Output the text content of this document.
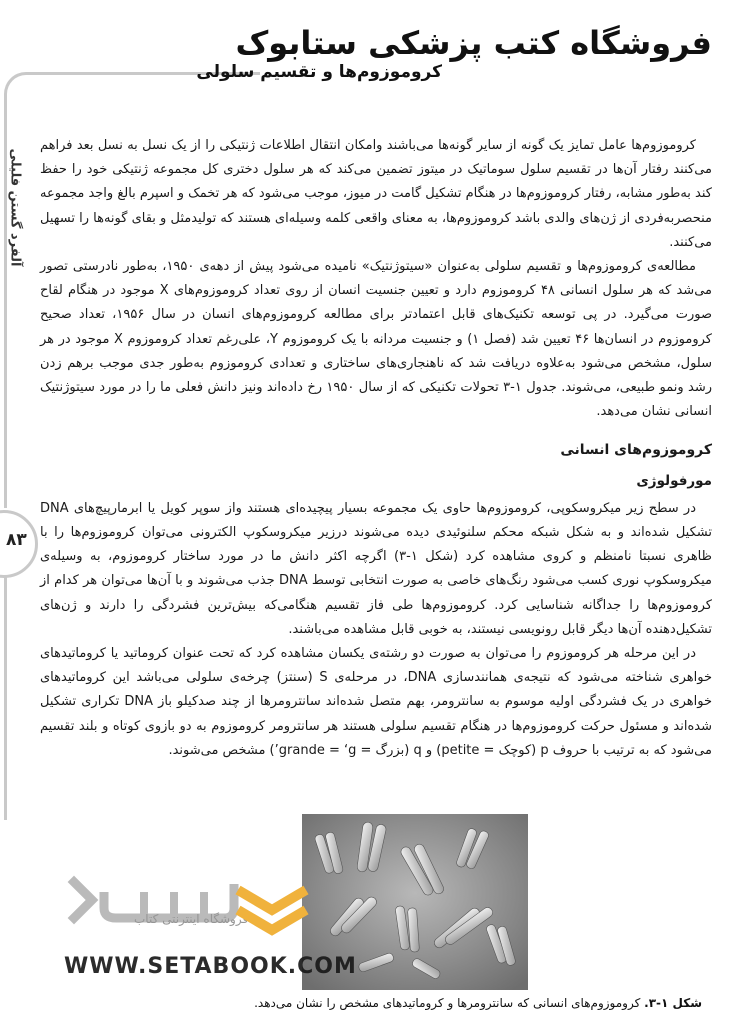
فروشگاه کتب پزشکی ستابوک
کروموزوم‌ها و تقسیم سلولی
آلفرد گستن فلیلی
۸۳

کروموزوم‌ها عامل تمایز یک گونه از سایر گونه‌ها می‌باشند وامکان انتقال اطلاعات ژنتیکی را از یک نسل به نسل بعد فراهم می‌کنند رفتار آن‌ها در تقسیم سلول سوماتیک در میتوز تضمین می‌کند که هر سلول دختری کل مجموعه ژنتیکی خود را حفظ کند به‌طور مشابه، رفتار کروموزوم‌ها در هنگام تشکیل گامت در میوز، موجب می‌شود که هر تخمک و اسپرم بالغ واجد مجموعه منحصربه‌فردی از ژن‌های والدی باشد کروموزوم‌ها، به معنای واقعی کلمه وسیله‌ای هستند که تولیدمثل و بقای گونه‌ها را تسهیل می‌کنند.

مطالعه‌ی کروموزوم‌ها و تقسیم سلولی به‌عنوان «سیتوژنتیک» نامیده می‌شود پیش از دهه‌ی ۱۹۵۰، به‌طور نادرستی تصور می‌شد که هر سلول انسانی ۴۸ کروموزوم دارد و تعیین جنسیت انسان از روی تعداد کروموزوم‌های X موجود در هنگام لقاح صورت می‌گیرد. در پی توسعه تکنیک‌های قابل اعتمادتر برای مطالعه کروموزوم‌های انسان در سال ۱۹۵۶، تعداد صحیح کروموزوم در انسان‌ها ۴۶ تعیین شد (فصل ۱) و جنسیت مردانه با یک کروموزوم Y، علی‌رغم تعداد کروموزوم X موجود در هر سلول، مشخص می‌شود به‌علاوه دریافت شد که ناهنجاری‌های ساختاری و تعدادی کروموزوم به‌طور جدی موجب برهم زدن رشد ونمو طبیعی، می‌شوند. جدول ۱-۳ تحولات تکنیکی که از سال ۱۹۵۰ رخ داده‌اند ونیز دانش فعلی ما را در مورد سیتوژنتیک انسانی نشان می‌دهد.

کروموزوم‌های انسانی
مورفولوژی

در سطح زیر میکروسکوپی، کروموزوم‌ها حاوی یک مجموعه بسیار پیچیده‌ای هستند واز سوپر کویل یا ابرمارپیچ‌های DNA تشکیل شده‌اند و به شکل شبکه محکم سلنوئیدی دیده می‌شوند درزیر میکروسکوپ الکترونی می‌توان کروموزوم‌ها را با ظاهری نسبتا نامنظم و کروی مشاهده کرد (شکل ۱-۳) اگرچه اکثر دانش ما در مورد ساختار کروموزوم، به وسیله‌ی میکروسکوپ نوری کسب می‌شود رنگ‌های خاصی به صورت انتخابی توسط DNA جذب می‌شوند و با آن‌ها می‌توان هر کدام از کروموزوم‌ها را جداگانه شناسایی کرد. کروموزوم‌ها طی فاز تقسیم هنگامی‌که بیش‌ترین فشردگی را دارند و ژن‌های تشکیل‌دهنده آن‌ها دیگر قابل رونویسی نیستند، به خوبی قابل مشاهده می‌باشند.

در این مرحله هر کروموزوم را می‌توان به صورت دو رشته‌ی یکسان مشاهده کرد که تحت عنوان کروماتید یا کروماتیدهای خواهری شناخته می‌شود که نتیجه‌ی همانندسازی DNA، در مرحله‌ی S (سنتز) چرخه‌ی سلولی می‌باشد این کروماتیدهای خواهری در یک فشردگی اولیه موسوم به سانترومر، بهم متصل شده‌اند سانترومرها از چند صدکیلو باز DNA تکراری تشکیل شده‌اند و مسئول حرکت کروموزوم‌ها در هنگام تقسیم سلولی هستند هر سانترومر کروموزوم به دو بازوی کوتاه و بلند تقسیم می‌شود که به ترتیب با حروف p (کوچک = petite) و q (بزرگ = grande = ‘g’) مشخص می‌شوند.

شکل ۱-۳. کروموزوم‌های انسانی که سانترومرها و کروماتیدهای مشخص را نشان می‌دهد.
فروشگاه اینترنتی کتاب
WWW.SETABOOK.COM
